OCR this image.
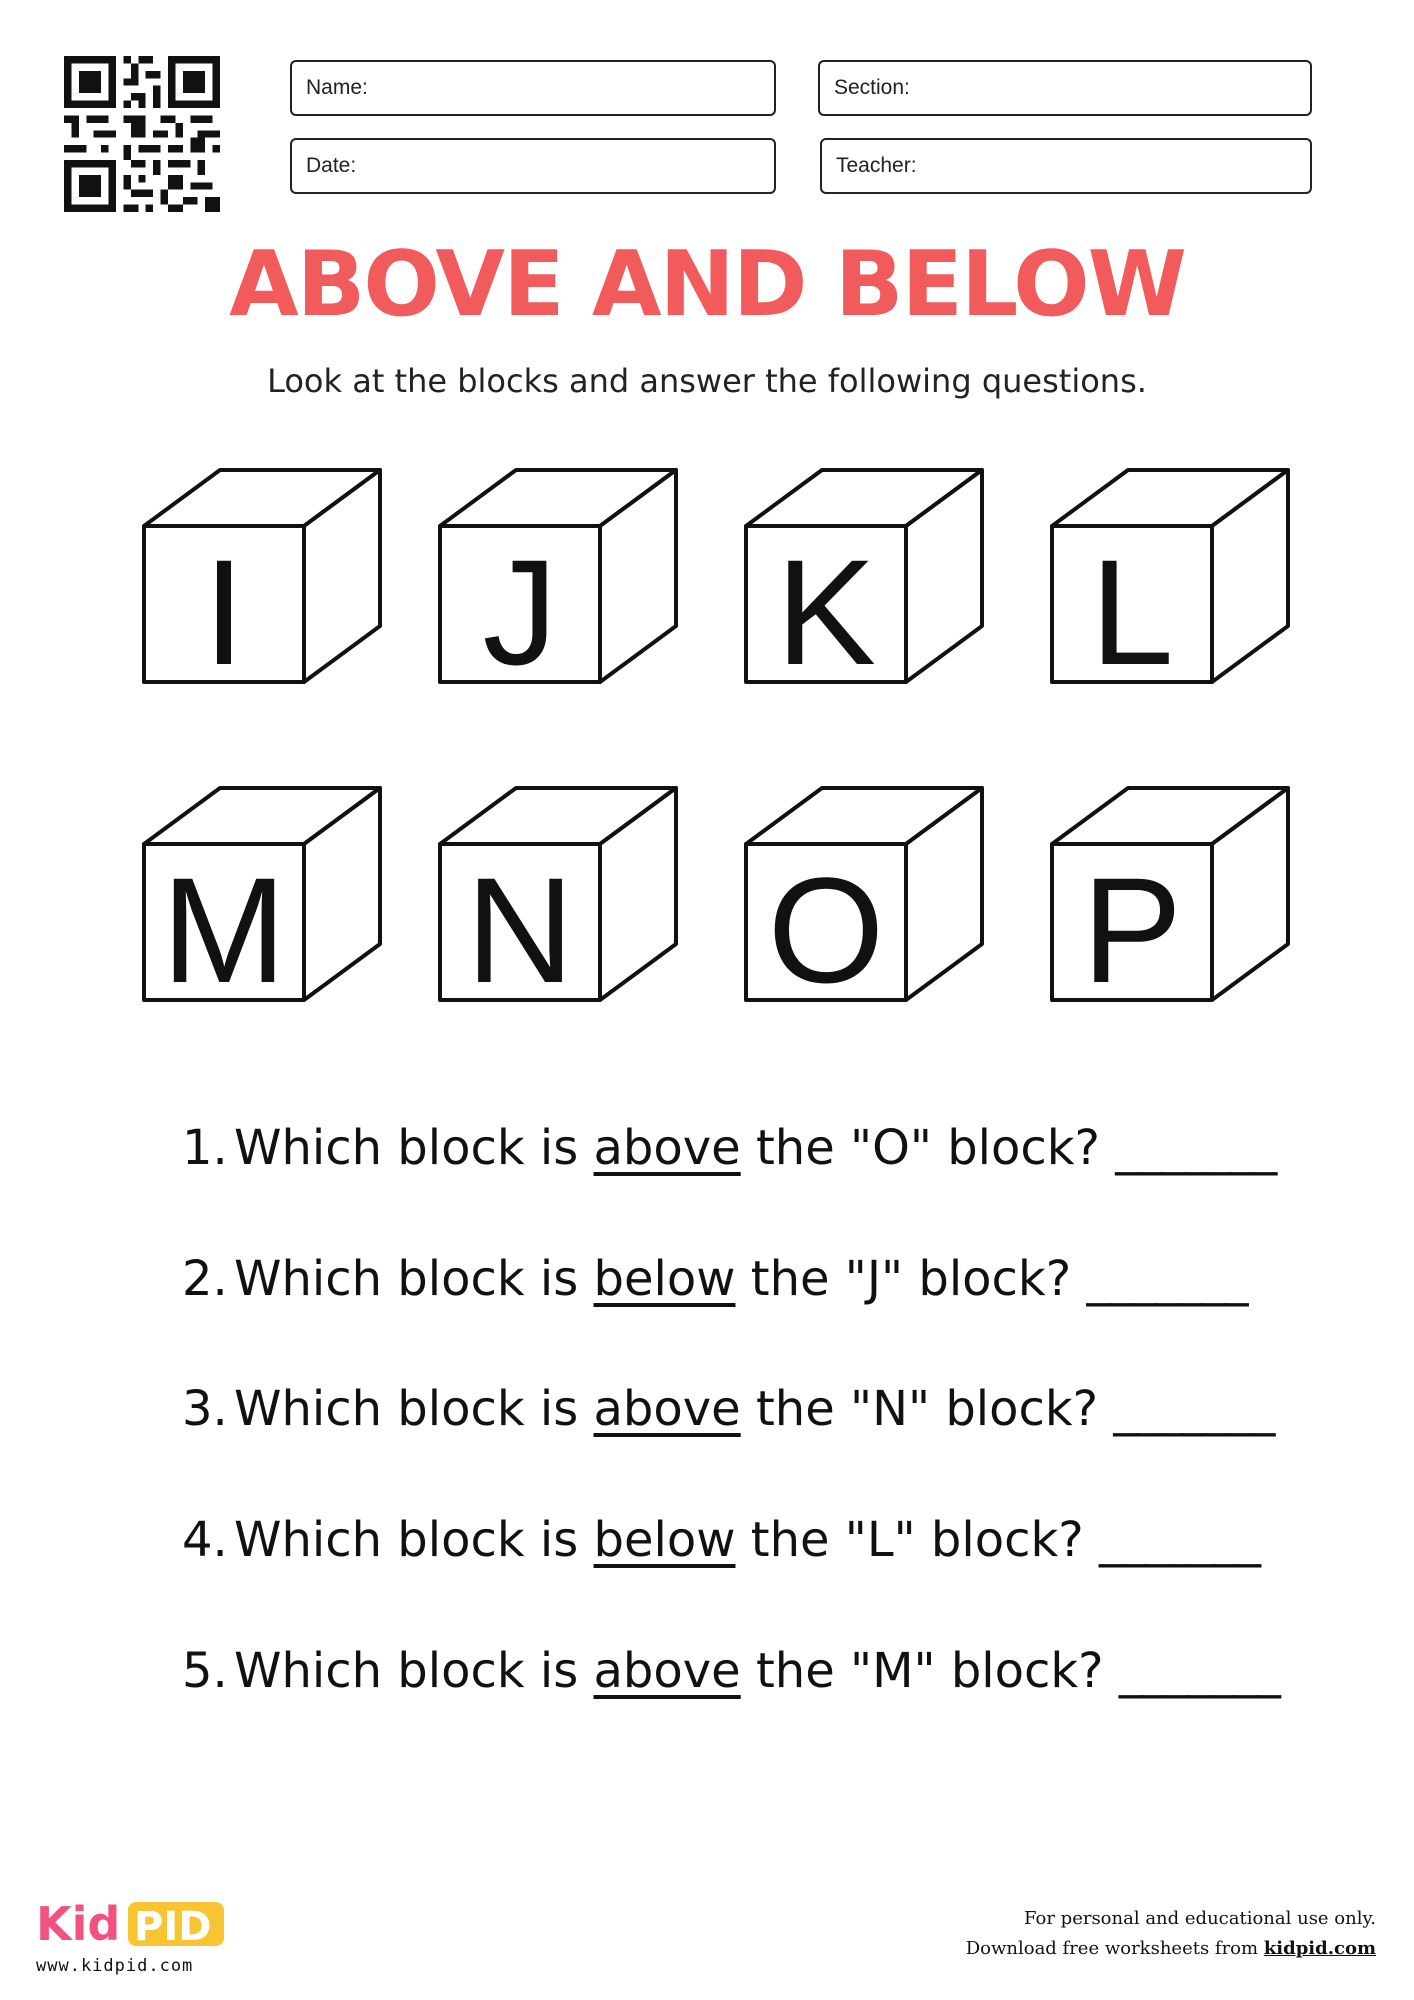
Name:	Section:
Date:	Teacher:
ABOVE AND BELOW
Look at the blocks and answer the following questions.
I J K L
M N O P
1. Which block is above the "O" block? _______
2. Which block is below the "J" block? _______
3. Which block is above the "N" block? _______
4. Which block is below the "L" block? _______
5. Which block is above the "M" block? _______
Kid PID
www.kidpid.com
For personal and educational use only.
Download free worksheets from kidpid.com
